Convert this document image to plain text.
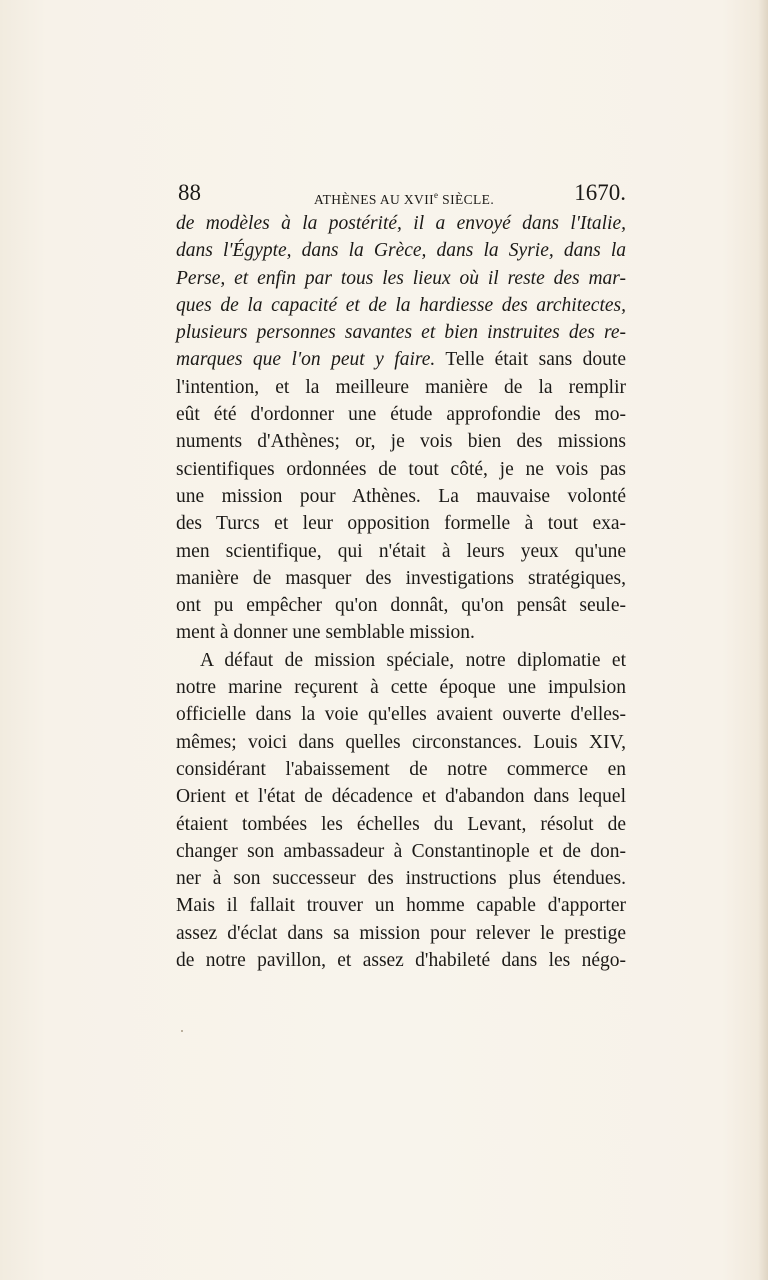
88	ATHÈNES AU XVIIe SIÈCLE.	1670.
de modèles à la postérité, il a envoyé dans l'Italie,
dans l'Égypte, dans la Grèce, dans la Syrie, dans la
Perse, et enfin par tous les lieux où il reste des mar-
ques de la capacité et de la hardiesse des architectes,
plusieurs personnes savantes et bien instruites des re-
marques que l'on peut y faire. Telle était sans doute
l'intention, et la meilleure manière de la remplir
eût été d'ordonner une étude approfondie des mo-
numents d'Athènes; or, je vois bien des missions
scientifiques ordonnées de tout côté, je ne vois pas
une mission pour Athènes. La mauvaise volonté
des Turcs et leur opposition formelle à tout exa-
men scientifique, qui n'était à leurs yeux qu'une
manière de masquer des investigations stratégiques,
ont pu empêcher qu'on donnât, qu'on pensât seule-
ment à donner une semblable mission.
A défaut de mission spéciale, notre diplomatie et
notre marine reçurent à cette époque une impulsion
officielle dans la voie qu'elles avaient ouverte d'elles-
mêmes; voici dans quelles circonstances. Louis XIV,
considérant l'abaissement de notre commerce en
Orient et l'état de décadence et d'abandon dans lequel
étaient tombées les échelles du Levant, résolut de
changer son ambassadeur à Constantinople et de don-
ner à son successeur des instructions plus étendues.
Mais il fallait trouver un homme capable d'apporter
assez d'éclat dans sa mission pour relever le prestige
de notre pavillon, et assez d'habileté dans les négo-
